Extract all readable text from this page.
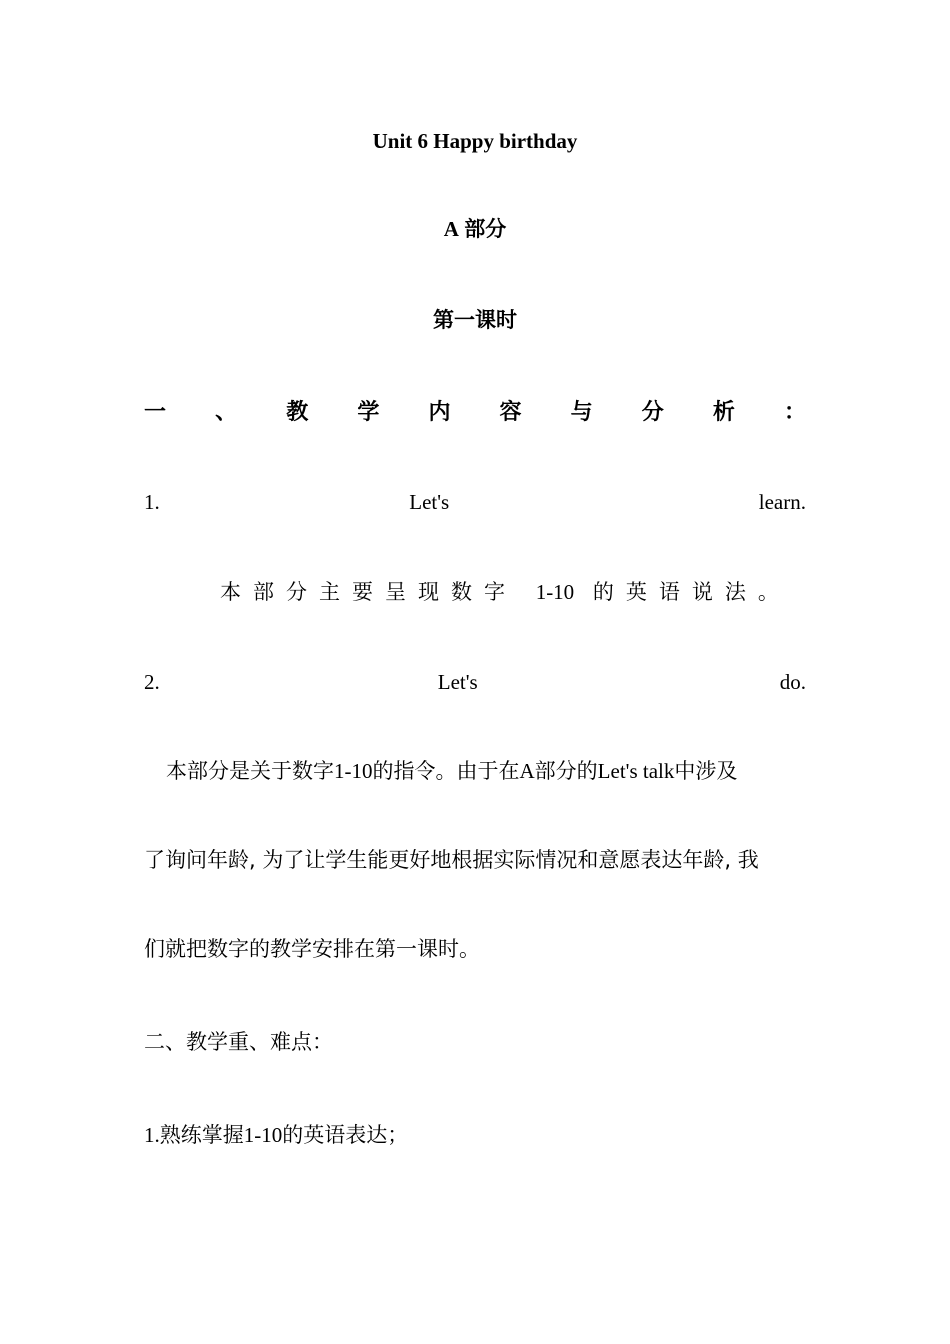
Unit 6 Happy birthday
A 部分
第一课时
一 、 教 学 内 容 与 分 析 ：
1.	Let's	learn.
本部分主要呈现数字 1-10 的英语说法。
2.	Let's	do.
本部分是关于数字1-10的指令。由于在A部分的Let's talk中涉及
了询问年龄, 为了让学生能更好地根据实际情况和意愿表达年龄, 我
们就把数字的教学安排在第一课时。
二、教学重、难点：
1.熟练掌握1-10的英语表达；
